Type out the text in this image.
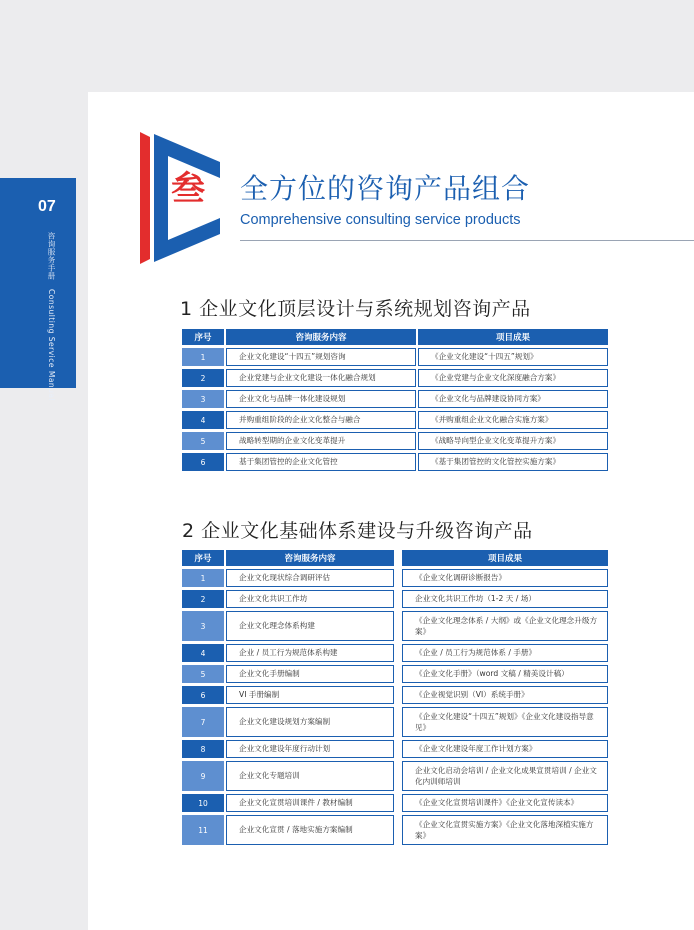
07
咨询服务手册 Consulting Service Manual
叁 全方位的咨询产品组合
Comprehensive consulting service products
1 企业文化顶层设计与系统规划咨询产品
序号		咨询服务内容		项目成果
1		企业文化建设“十四五”规划咨询		《企业文化建设“十四五”规划》
2		企业党建与企业文化建设一体化融合规划		《企业党建与企业文化深度融合方案》
3		企业文化与品牌一体化建设规划		《企业文化与品牌建设协同方案》
4		并购重组阶段的企业文化整合与融合		《并购重组企业文化融合实施方案》
5		战略转型期的企业文化变革提升		《战略导向型企业文化变革提升方案》
6		基于集团管控的企业文化管控		《基于集团管控的文化管控实施方案》
2 企业文化基础体系建设与升级咨询产品
序号		咨询服务内容		项目成果
1		企业文化现状综合调研评估		《企业文化调研诊断报告》
2		企业文化共识工作坊		企业文化共识工作坊（1-2 天 / 场）
3		企业文化理念体系构建		《企业文化理念体系 / 大纲》或《企业文化理念升级方案》
4		企业 / 员工行为规范体系构建		《企业 / 员工行为规范体系 / 手册》
5		企业文化手册编制		《企业文化手册》（word 文稿 / 精美设计稿）
6		VI 手册编制		《企业视觉识别（VI）系统手册》
7		企业文化建设规划方案编制		《企业文化建设“十四五”规划》《企业文化建设指导意见》
8		企业文化建设年度行动计划		《企业文化建设年度工作计划方案》
9		企业文化专题培训		企业文化启动会培训 / 企业文化成果宣贯培训 / 企业文化内训师培训
10		企业文化宣贯培训课件 / 教材编制		《企业文化宣贯培训课件》《企业文化宣传读本》
11		企业文化宣贯 / 落地实施方案编制		《企业文化宣贯实施方案》《企业文化落地深植实施方案》
